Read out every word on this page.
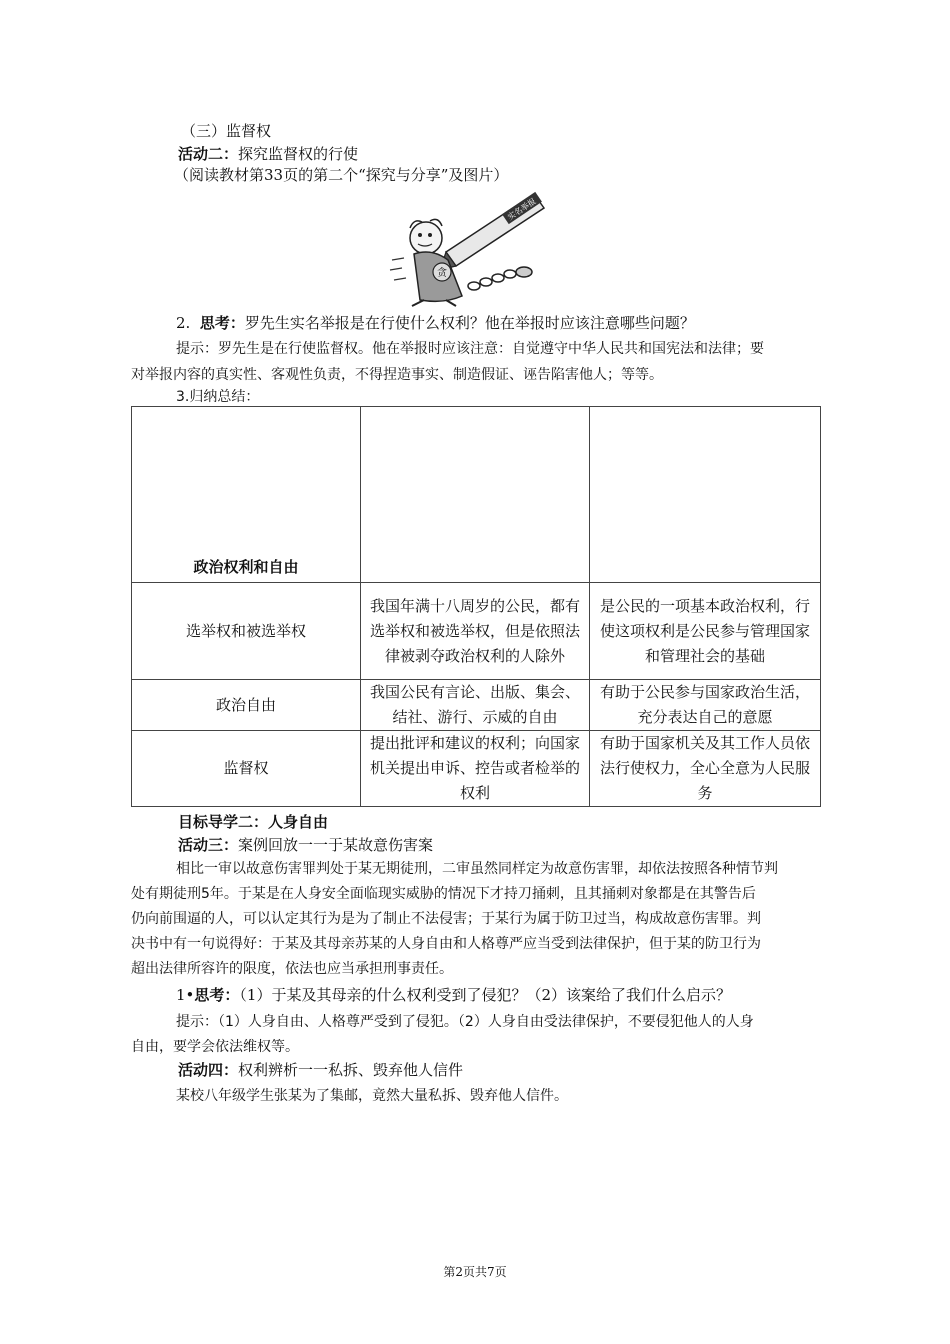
（三）监督权
活动二：探究监督权的行使
（阅读教材第33页的第二个“探究与分享”及图片）
实名举报
贪
2. 思考：罗先生实名举报是在行使什么权利？他在举报时应该注意哪些问题？
提示：罗先生是在行使监督权。他在举报时应该注意：自觉遵守中华人民共和国宪法和法律；要
对举报内容的真实性、客观性负责，不得捏造事实、制造假证、诬告陷害他人；等等。
3.归纳总结：
政治权利和自由		
选举权和被选举权	我国年满十八周岁的公民，都有选举权和被选举权，但是依照法律被剥夺政治权利的人除外	是公民的一项基本政治权利，行使这项权利是公民参与管理国家和管理社会的基础
政治自由	我国公民有言论、出版、集会、结社、游行、示威的自由	有助于公民参与国家政治生活，充分表达自己的意愿
监督权	提出批评和建议的权利；向国家机关提出申诉、控告或者检举的权利	有助于国家机关及其工作人员依法行使权力，全心全意为人民服务
目标导学二：人身自由
活动三：案例回放一一于某故意伤害案
相比一审以故意伤害罪判处于某无期徒刑，二审虽然同样定为故意伤害罪，却依法按照各种情节判
处有期徒刑5年。于某是在人身安全面临现实威胁的情况下才持刀捅刺，且其捅刺对象都是在其警告后
仍向前围逼的人，可以认定其行为是为了制止不法侵害；于某行为属于防卫过当，构成故意伤害罪。判
决书中有一句说得好：于某及其母亲苏某的人身自由和人格尊严应当受到法律保护，但于某的防卫行为
超出法律所容许的限度，依法也应当承担刑事责任。
1•思考：（1）于某及其母亲的什么权利受到了侵犯？（2）该案给了我们什么启示？
提示：（1）人身自由、人格尊严受到了侵犯。（2）人身自由受法律保护，不要侵犯他人的人身
自由，要学会依法维权等。
活动四：权利辨析一一私拆、毁弃他人信件
某校八年级学生张某为了集邮，竟然大量私拆、毁弃他人信件。
第2页共7页
